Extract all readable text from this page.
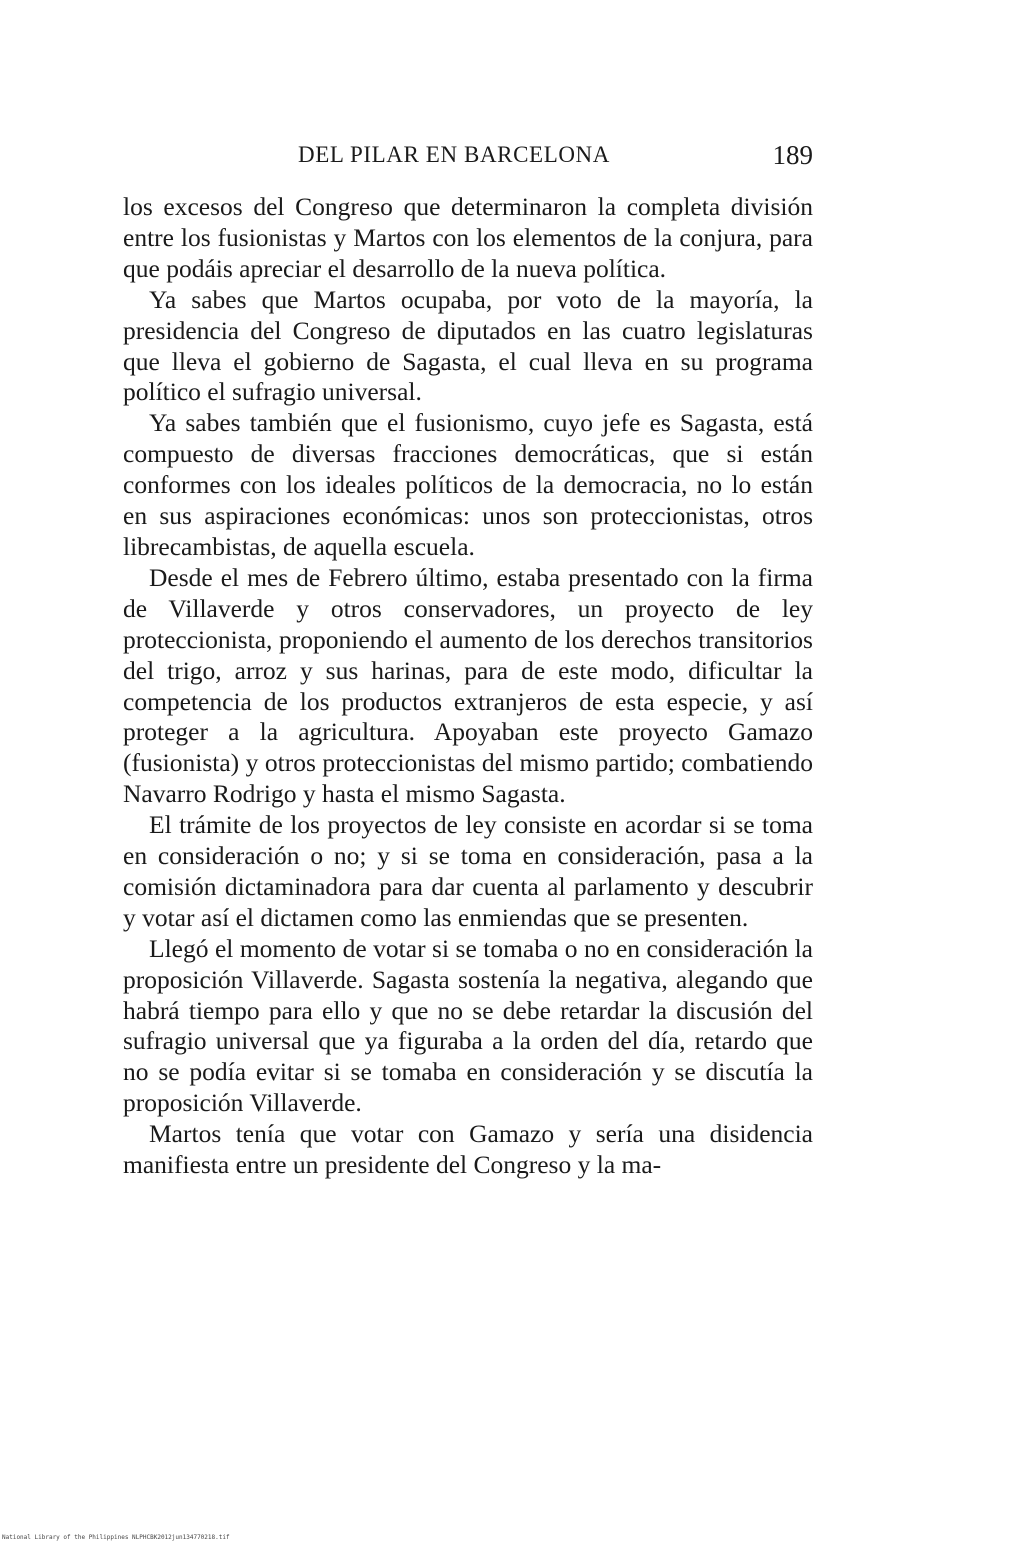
DEL PILAR EN BARCELONA	189

los excesos del Congreso que determinaron la completa división entre los fusionistas y Martos con los elementos de la conjura, para que podáis apreciar el desarrollo de la nueva política.

Ya sabes que Martos ocupaba, por voto de la mayoría, la presidencia del Congreso de diputados en las cuatro legislaturas que lleva el gobierno de Sagasta, el cual lleva en su programa político el sufragio universal.

Ya sabes también que el fusionismo, cuyo jefe es Sagasta, está compuesto de diversas fracciones democráticas, que si están conformes con los ideales políticos de la democracia, no lo están en sus aspiraciones económicas: unos son proteccionistas, otros librecambistas, de aquella escuela.

Desde el mes de Febrero último, estaba presentado con la firma de Villaverde y otros conservadores, un proyecto de ley proteccionista, proponiendo el aumento de los derechos transitorios del trigo, arroz y sus harinas, para de este modo, dificultar la competencia de los productos extranjeros de esta especie, y así proteger a la agricultura. Apoyaban este proyecto Gamazo (fusionista) y otros proteccionistas del mismo partido; combatiendo Navarro Rodrigo y hasta el mismo Sagasta.

El trámite de los proyectos de ley consiste en acordar si se toma en consideración o no; y si se toma en consideración, pasa a la comisión dictaminadora para dar cuenta al parlamento y descubrir y votar así el dictamen como las enmiendas que se presenten.

Llegó el momento de votar si se tomaba o no en consideración la proposición Villaverde. Sagasta sostenía la negativa, alegando que habrá tiempo para ello y que no se debe retardar la discusión del sufragio universal que ya figuraba a la orden del día, retardo que no se podía evitar si se tomaba en consideración y se discutía la proposición Villaverde.

Martos tenía que votar con Gamazo y sería una disidencia manifiesta entre un presidente del Congreso y la ma-

National Library of the Philippines NLPHCBK2012jun134770218.tif
